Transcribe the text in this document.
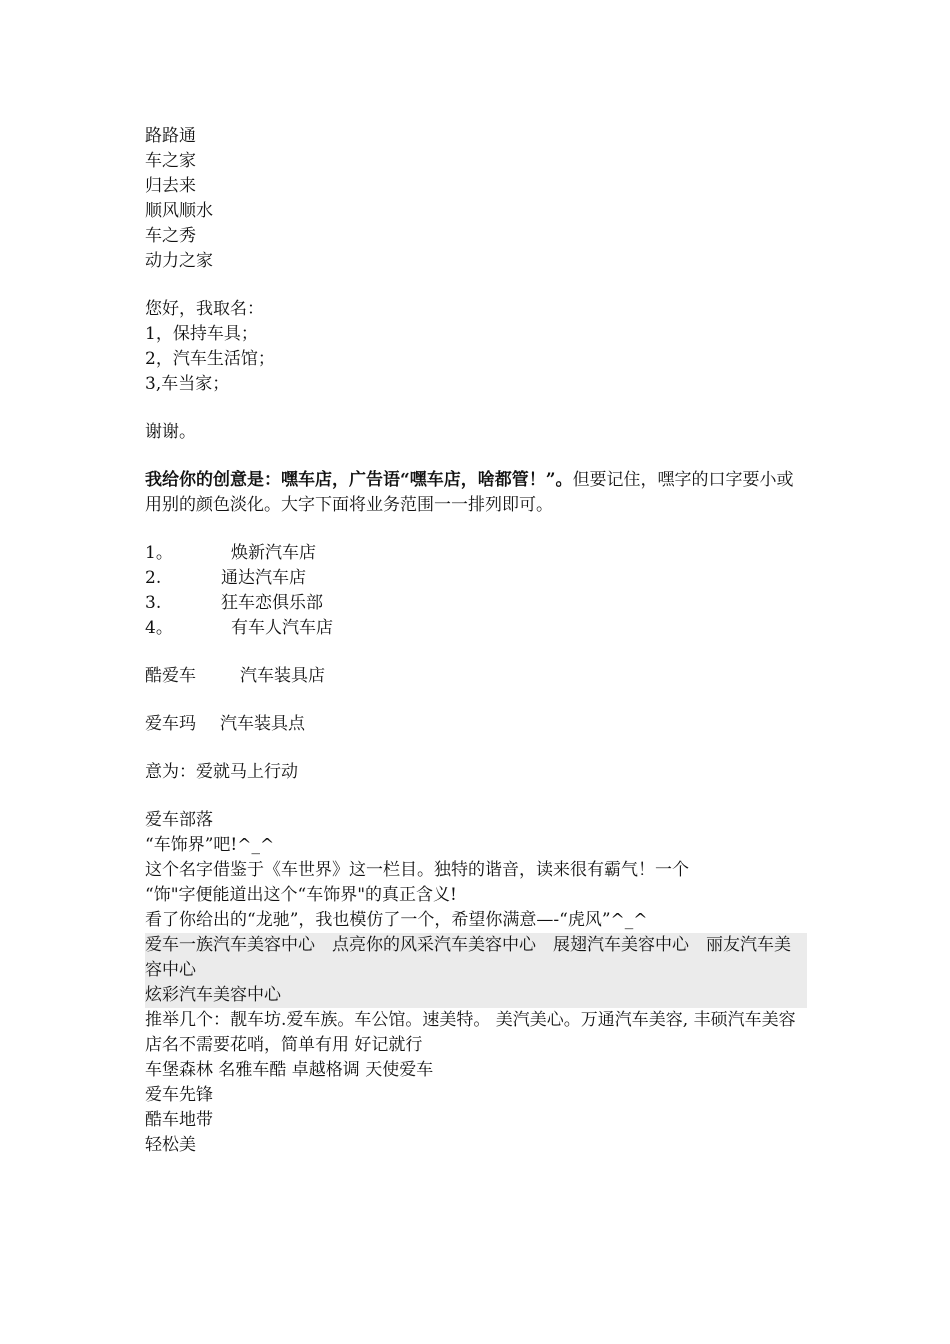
路路通
车之家
归去来
顺风顺水
车之秀
动力之家
您好，我取名：
1，保持车具；
2，汽车生活馆；
3,车当家；
谢谢。
我给你的创意是：嘿车店，广告语“嘿车店，啥都管！”。但要记住，嘿字的口字要小或用别的颜色淡化。大字下面将业务范围一一排列即可。
1。	焕新汽车店
2.	通达汽车店
3.	狂车恋俱乐部
4。	有车人汽车店
酷爱车	汽车装具店
爱车玛 汽车装具点
意为：爱就马上行动
爱车部落
“车饰界”吧!^_^
这个名字借鉴于《车世界》这一栏目。独特的谐音，读来很有霸气！一个
“饰"字便能道出这个“车饰界"的真正含义!
看了你给出的“龙驰”，我也模仿了一个，希望你满意—-“虎风”^_^
爱车一族汽车美容中心　点亮你的风采汽车美容中心　展翅汽车美容中心　丽友汽车美容中心
炫彩汽车美容中心
推举几个：靓车坊.爱车族。车公馆。速美特。 美汽美心。万通汽车美容, 丰硕汽车美容
店名不需要花哨，简单有用 好记就行
车堡森林 名雅车酷 卓越格调 天使爱车
爱车先锋
酷车地带
轻松美
